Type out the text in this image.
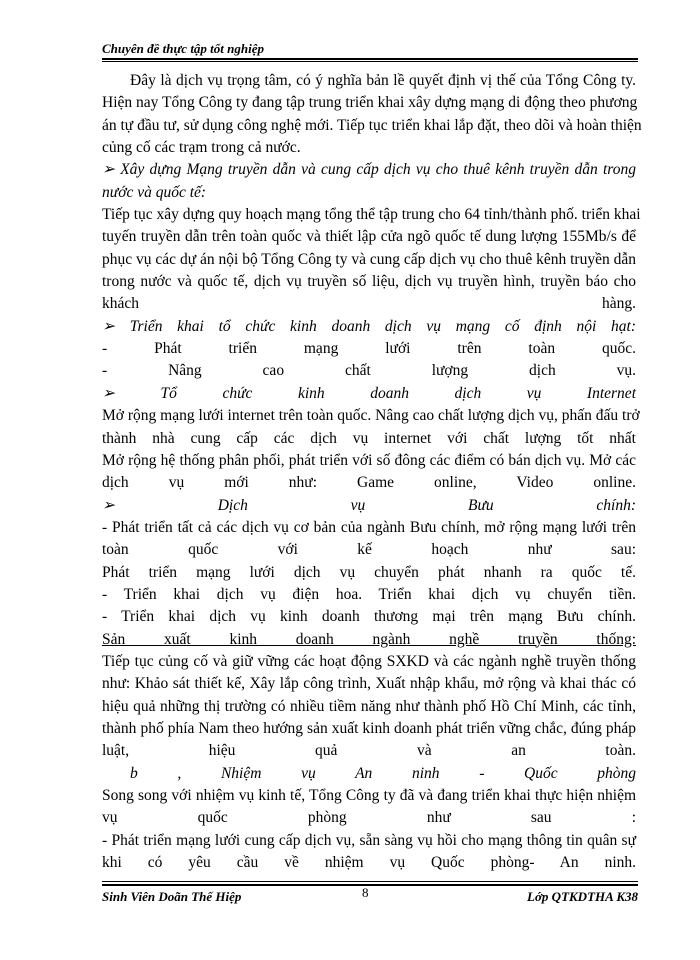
Chuyên đề thực tập tốt nghiệp
Đây là dịch vụ trọng tâm, có ý nghĩa bản lề quyết định vị thế của Tổng Công ty.
Hiện nay Tổng Công ty đang tập trung triển khai xây dựng mạng di động theo phương
án tự đầu tư, sử dụng công nghệ mới. Tiếp tục triển khai lắp đặt, theo dõi và hoàn thiện
củng cố các trạm trong cả nước.
➢ Xây dựng Mạng truyền dẫn và cung cấp dịch vụ cho thuê kênh truyền dẫn trong
nước và quốc tế:
Tiếp tục xây dựng quy hoạch mạng tổng thể tập trung cho 64 tỉnh/thành phố. triển khai
tuyến truyền dẫn trên toàn quốc và thiết lập cửa ngõ quốc tế dung lượng 155Mb/s để
phục vụ các dự án nội bộ Tổng Công ty và cung cấp dịch vụ cho thuê kênh truyền dẫn
trong nước và quốc tế, dịch vụ truyền số liệu, dịch vụ truyền hình, truyền báo cho
khách hàng.
➢ Triển khai tổ chức kinh doanh dịch vụ mạng cố định nội hạt:
- Phát triển mạng lưới trên toàn quốc.
- Nâng cao chất lượng dịch vụ.
➢ Tổ chức kinh doanh dịch vụ Internet
Mở rộng mạng lưới internet trên toàn quốc. Nâng cao chất lượng dịch vụ, phấn đấu trở
thành nhà cung cấp các dịch vụ internet với chất lượng tốt nhất
Mở rộng hệ thống phân phối, phát triển với số đông các điểm có bán dịch vụ. Mở các
dịch vụ mới như: Game online, Video online.
➢ Dịch vụ Bưu chính:
- Phát triển tất cả các dịch vụ cơ bản của ngành Bưu chính, mở rộng mạng lưới trên
toàn quốc với kế hoạch như sau:
Phát triển mạng lưới dịch vụ chuyển phát nhanh ra quốc tế.
- Triển khai dịch vụ điện hoa. Triển khai dịch vụ chuyển tiền.
- Triển khai dịch vụ kinh doanh thương mại trên mạng Bưu chính.
Sản xuất kinh doanh ngành nghề truyền thống:
Tiếp tục củng cố và giữ vững các hoạt động SXKD và các ngành nghề truyền thống
như: Khảo sát thiết kế, Xây lắp công trình, Xuất nhập khẩu, mở rộng và khai thác có
hiệu quả những thị trường có nhiều tiềm năng như thành phố Hồ Chí Minh, các tỉnh,
thành phố phía Nam theo hướng sản xuất kinh doanh phát triển vững chắc, đúng pháp
luật, hiệu quả và an toàn.
b , Nhiệm vụ An ninh - Quốc phòng
Song song với nhiệm vụ kinh tế, Tổng Công ty đã và đang triển khai thực hiện nhiệm
vụ quốc phòng như sau :
- Phát triển mạng lưới cung cấp dịch vụ, sẵn sàng vụ hồi cho mạng thông tin quân sự
khi có yêu cầu về nhiệm vụ Quốc phòng- An ninh.
Sinh Viên Doãn Thế Hiệp	8	Lớp QTKDTHA K38
